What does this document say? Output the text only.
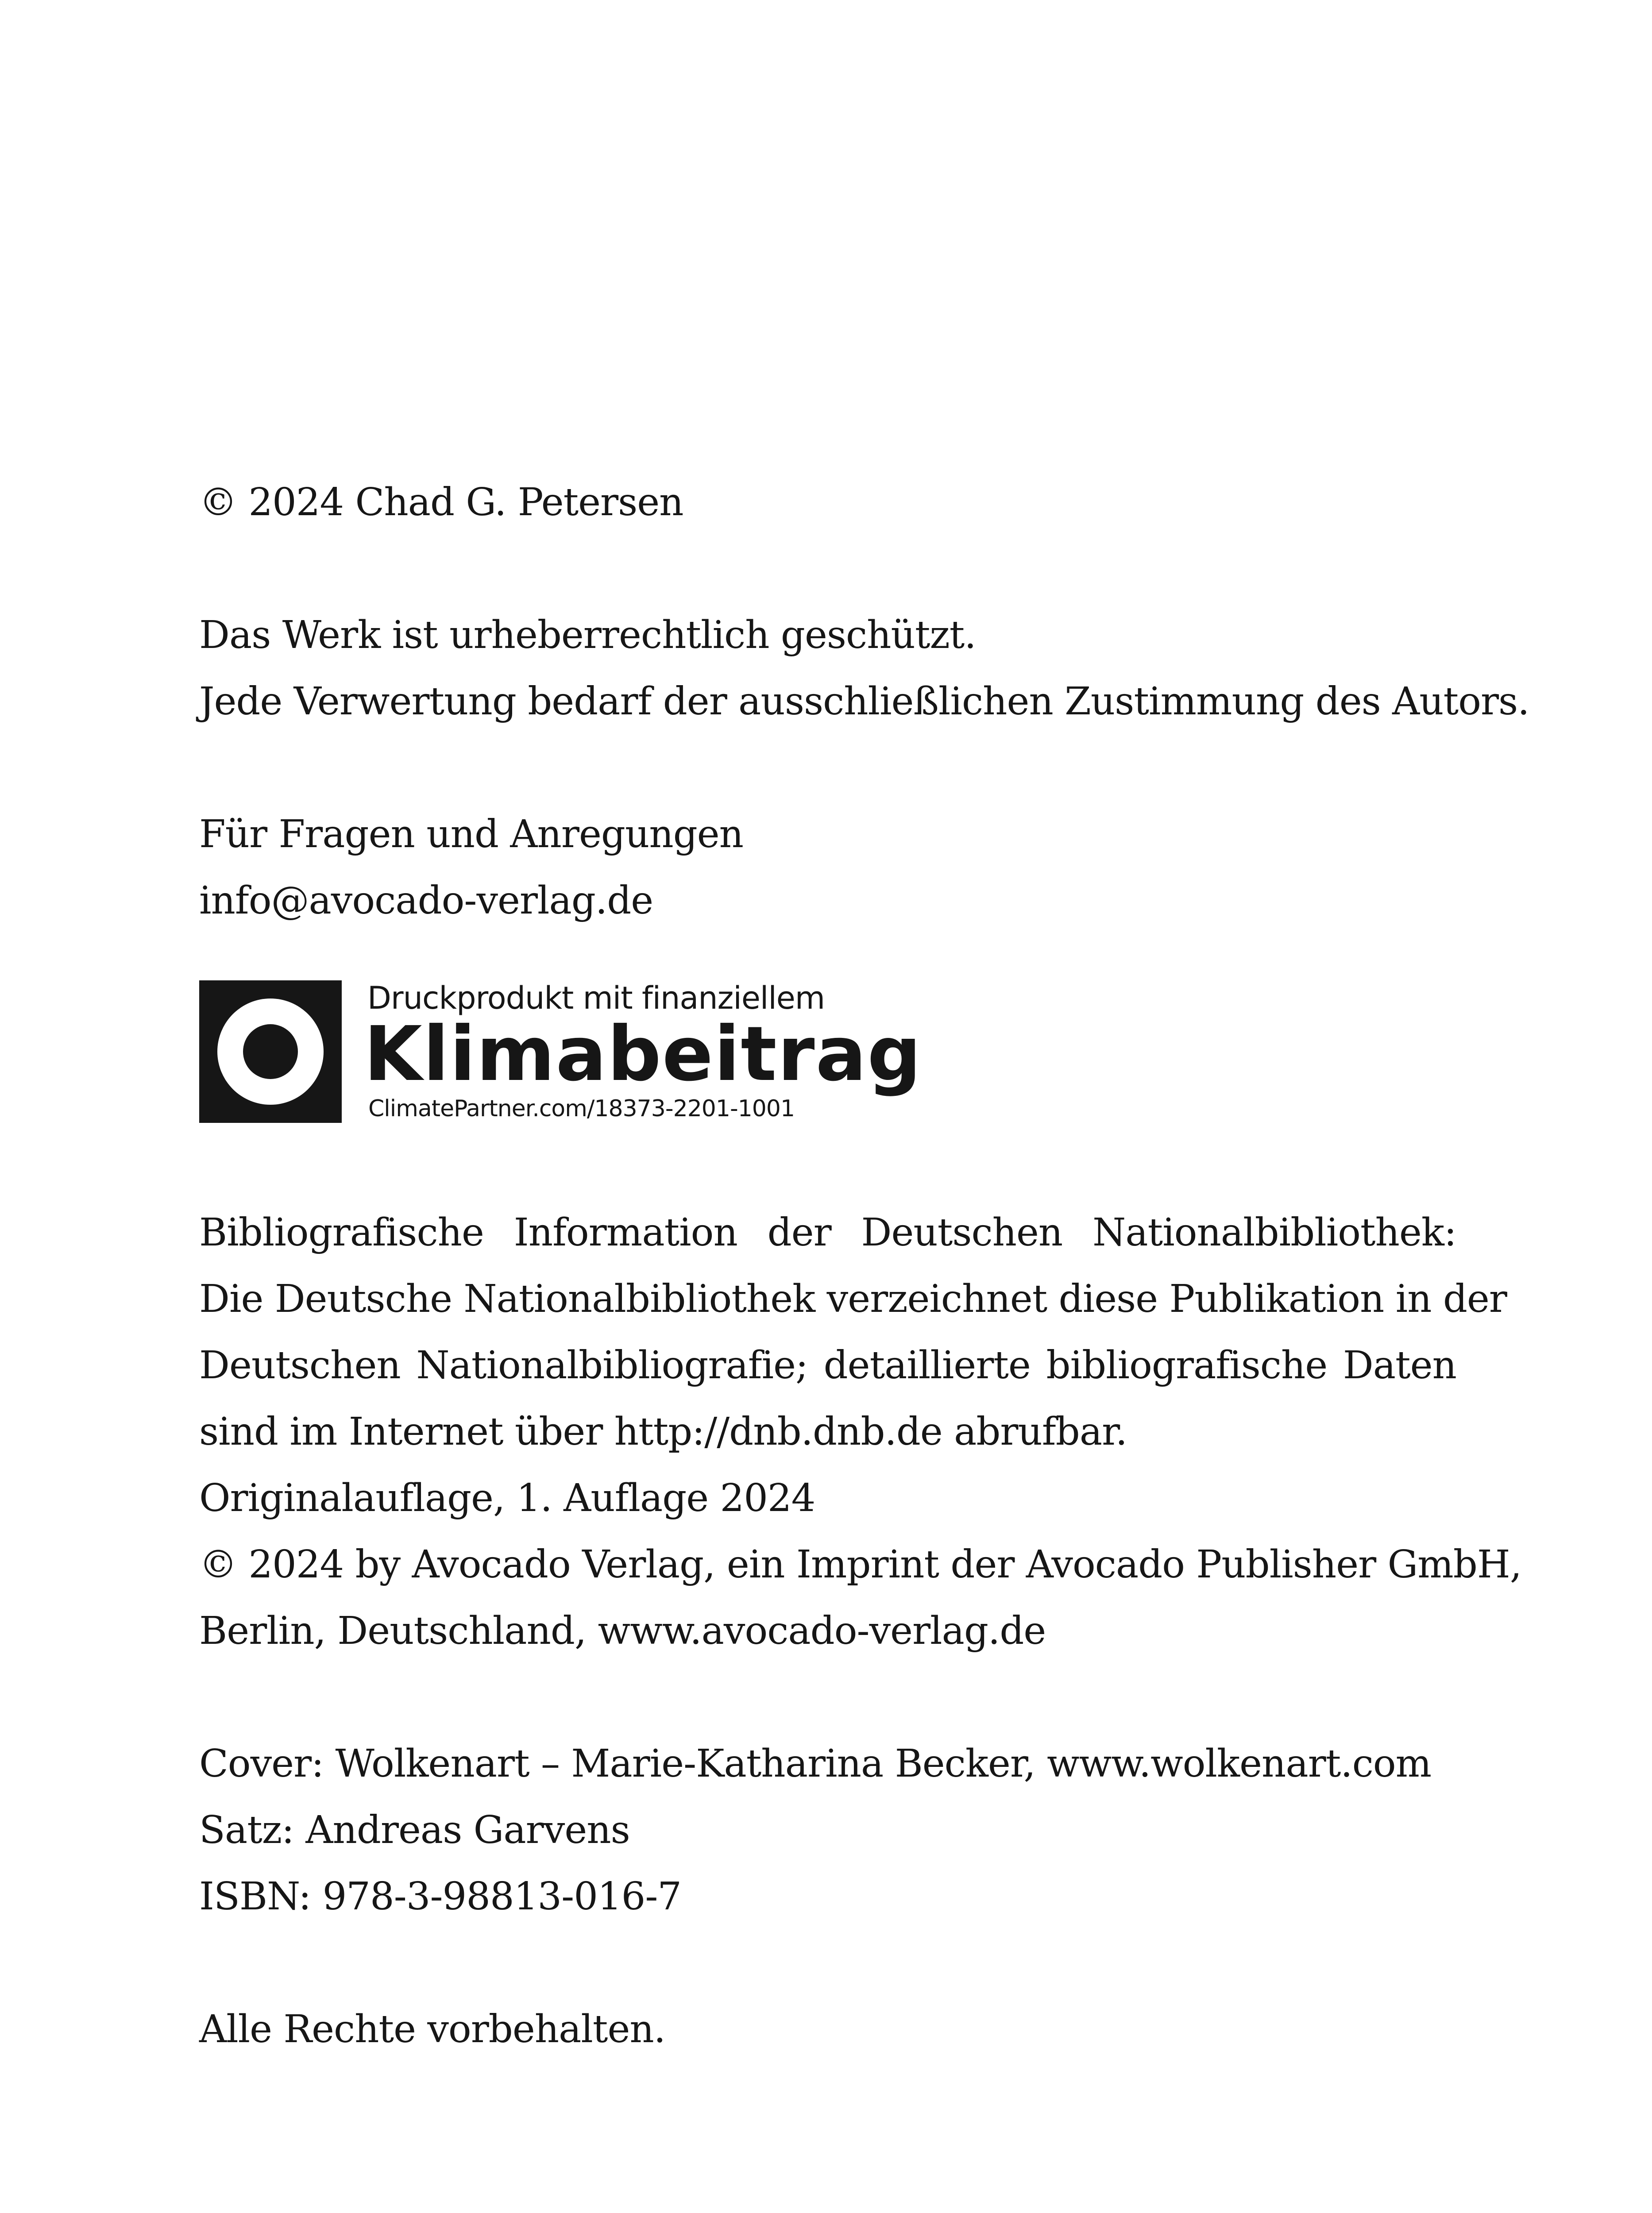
© 2024 Chad G. Petersen
Das Werk ist urheberrechtlich geschützt.
Jede Verwertung bedarf der ausschließlichen Zustimmung des Autors.
Für Fragen und Anregungen
info@avocado-verlag.de
Druckprodukt mit finanziellem
Klimabeitrag
ClimatePartner.com/18373-2201-1001
Bibliografische Information der Deutschen Nationalbibliothek:
Die Deutsche Nationalbibliothek verzeichnet diese Publikation in der
Deutschen Nationalbibliografie; detaillierte bibliografische Daten
sind im Internet über http://dnb.dnb.de abrufbar.
Originalauflage, 1. Auflage 2024
© 2024 by Avocado Verlag, ein Imprint der Avocado Publisher GmbH,
Berlin, Deutschland, www.avocado-verlag.de
Cover: Wolkenart – Marie-Katharina Becker, www.wolkenart.com
Satz: Andreas Garvens
ISBN: 978-3-98813-016-7
Alle Rechte vorbehalten.
